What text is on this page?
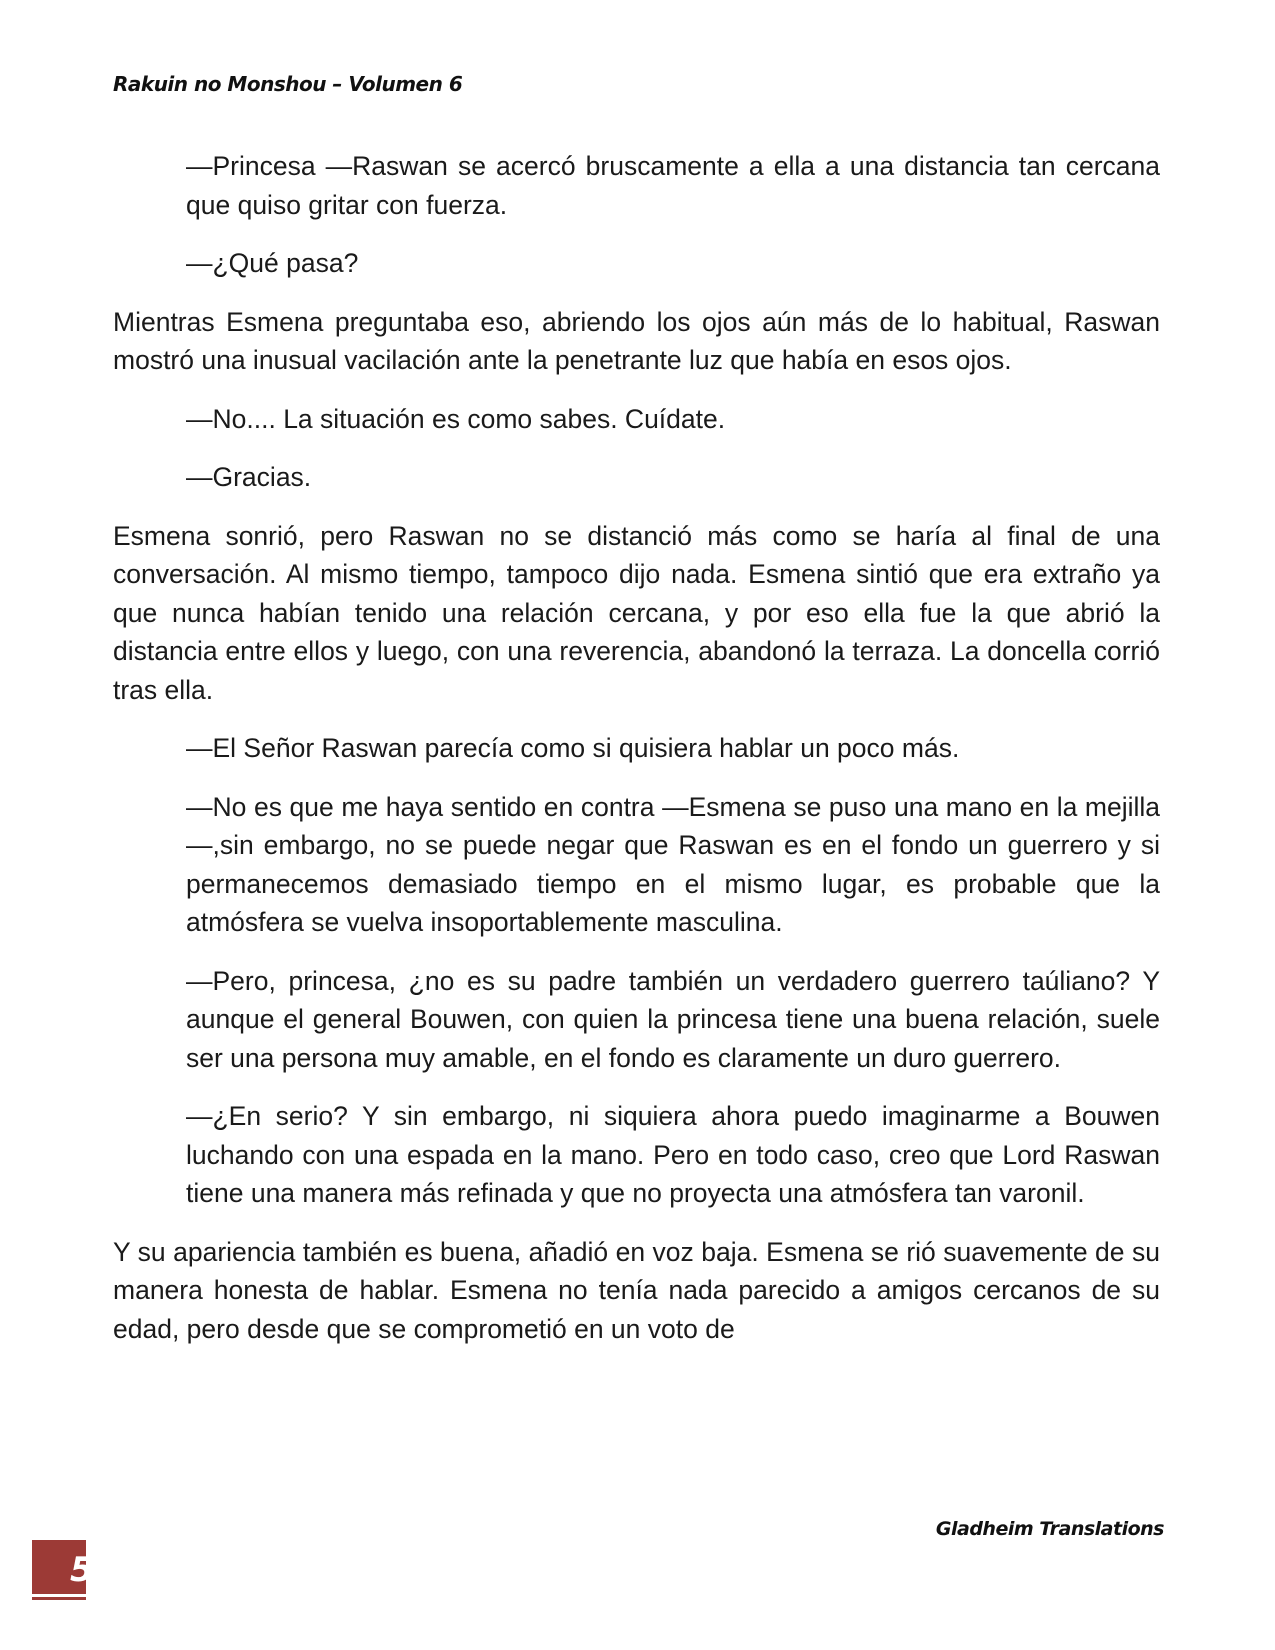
Rakuin no Monshou – Volumen 6

—Princesa —Raswan se acercó bruscamente a ella a una distancia tan cercana que quiso gritar con fuerza.

—¿Qué pasa?

Mientras Esmena preguntaba eso, abriendo los ojos aún más de lo habitual, Raswan mostró una inusual vacilación ante la penetrante luz que había en esos ojos.

—No.... La situación es como sabes. Cuídate.

—Gracias.

Esmena sonrió, pero Raswan no se distanció más como se haría al final de una conversación. Al mismo tiempo, tampoco dijo nada. Esmena sintió que era extraño ya que nunca habían tenido una relación cercana, y por eso ella fue la que abrió la distancia entre ellos y luego, con una reverencia, abandonó la terraza. La doncella corrió tras ella.

—El Señor Raswan parecía como si quisiera hablar un poco más.

—No es que me haya sentido en contra —Esmena se puso una mano en la mejilla—,sin embargo, no se puede negar que Raswan es en el fondo un guerrero y si permanecemos demasiado tiempo en el mismo lugar, es probable que la atmósfera se vuelva insoportablemente masculina.

—Pero, princesa, ¿no es su padre también un verdadero guerrero taúliano? Y aunque el general Bouwen, con quien la princesa tiene una buena relación, suele ser una persona muy amable, en el fondo es claramente un duro guerrero.

—¿En serio? Y sin embargo, ni siquiera ahora puedo imaginarme a Bouwen luchando con una espada en la mano. Pero en todo caso, creo que Lord Raswan tiene una manera más refinada y que no proyecta una atmósfera tan varonil.

Y su apariencia también es buena, añadió en voz baja. Esmena se rió suavemente de su manera honesta de hablar. Esmena no tenía nada parecido a amigos cercanos de su edad, pero desde que se comprometió en un voto de

Gladheim Translations
5
